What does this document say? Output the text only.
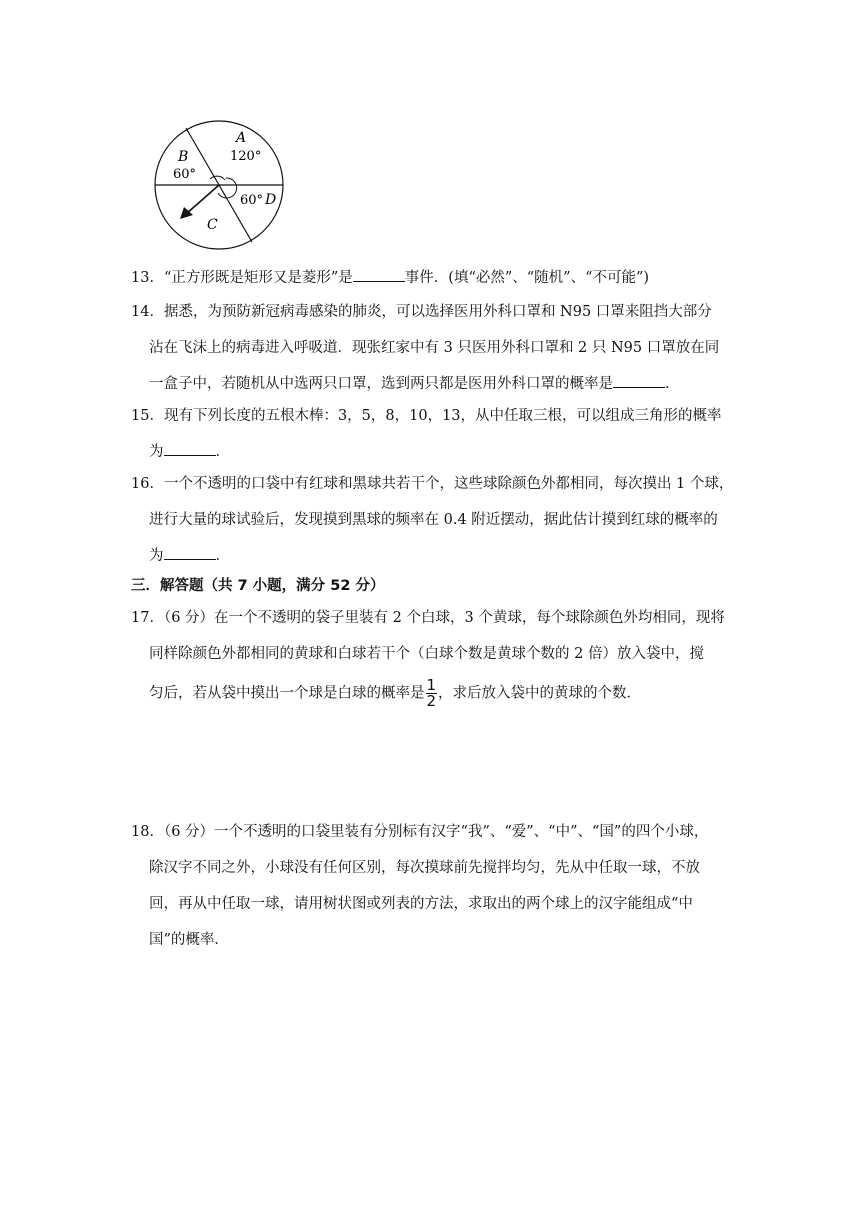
A
120°
B
60°
60° D
C
13．“正方形既是矩形又是菱形”是	事件．(填“必然”、“随机”、“不可能”)
14．据悉，为预防新冠病毒感染的肺炎，可以选择医用外科口罩和 N95 口罩来阻挡大部分
沾在飞沫上的病毒进入呼吸道．现张红家中有 3 只医用外科口罩和 2 只 N95 口罩放在同
一盒子中，若随机从中选两只口罩，选到两只都是医用外科口罩的概率是	．
15．现有下列长度的五根木棒：3，5，8，10，13，从中任取三根，可以组成三角形的概率
为	．
16．一个不透明的口袋中有红球和黑球共若干个，这些球除颜色外都相同，每次摸出 1 个球，
进行大量的球试验后，发现摸到黑球的频率在 0.4 附近摆动，据此估计摸到红球的概率的
为	．
三．解答题（共 7 小题，满分 52 分）
17．（6 分）在一个不透明的袋子里装有 2 个白球，3 个黄球，每个球除颜色外均相同，现将
同样除颜色外都相同的黄球和白球若干个（白球个数是黄球个数的 2 倍）放入袋中，搅
匀后，若从袋中摸出一个球是白球的概率是 $\frac{1}{2}$ ，求后放入袋中的黄球的个数．
18．（6 分）一个不透明的口袋里装有分别标有汉字“我”、“爱”、“中”、“国”的四个小球，
除汉字不同之外，小球没有任何区别，每次摸球前先搅拌均匀，先从中任取一球，不放
回，再从中任取一球，请用树状图或列表的方法，求取出的两个球上的汉字能组成“中
国”的概率．
